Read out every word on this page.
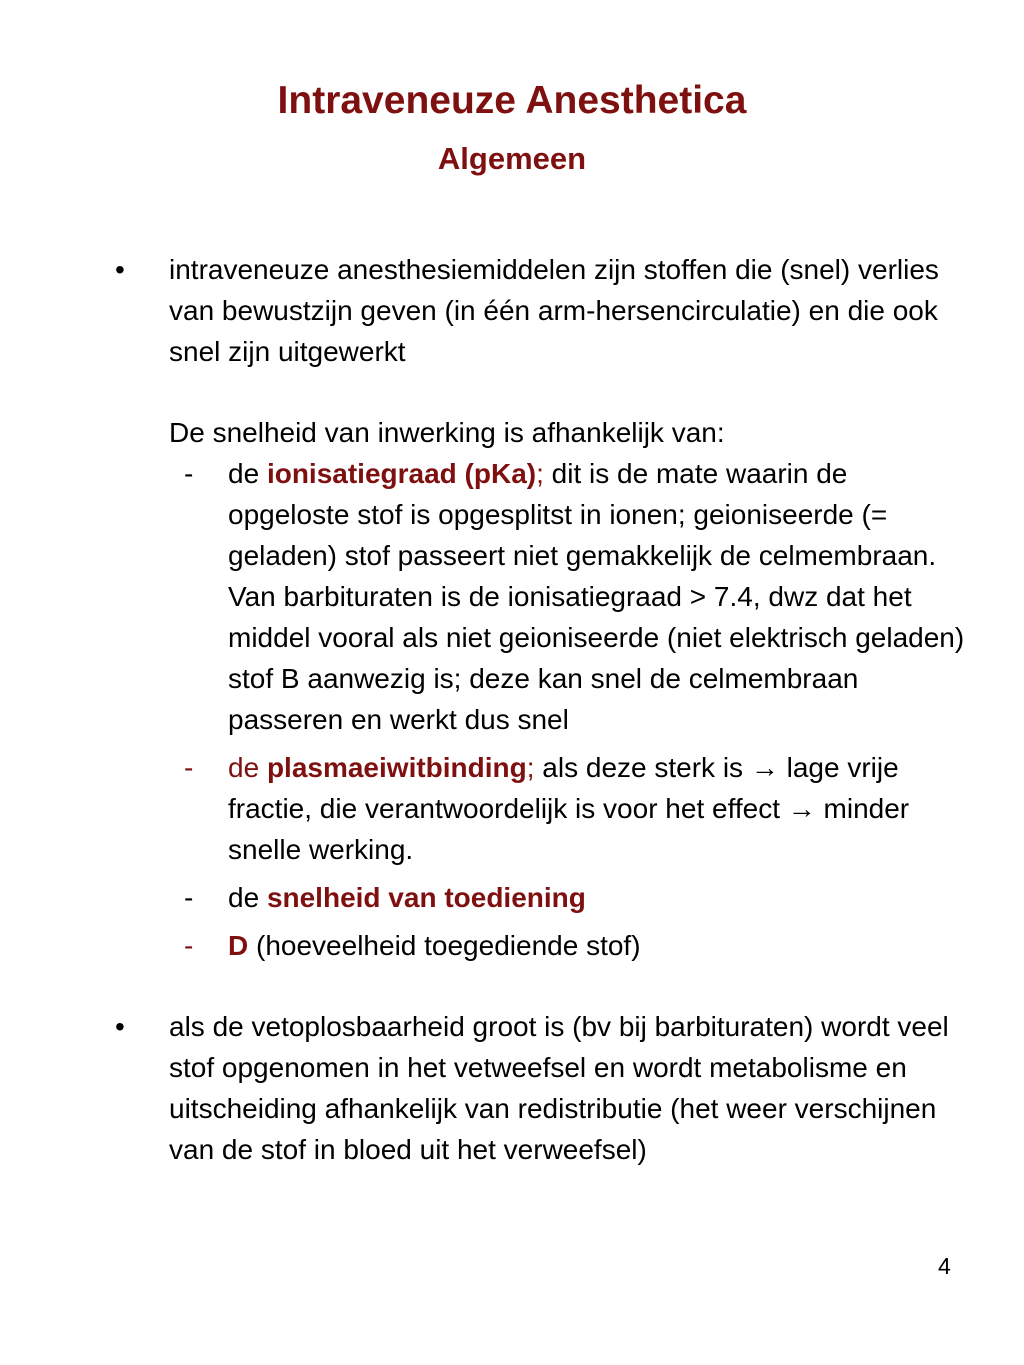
Intraveneuze Anesthetica
Algemeen
• intraveneuze anesthesiemiddelen zijn stoffen die (snel) verlies van bewustzijn geven (in één arm-hersencirculatie) en die ook snel zijn uitgewerkt

De snelheid van inwerking is afhankelijk van:

- de ionisatiegraad (pKa); dit is de mate waarin de opgeloste stof is opgesplitst in ionen; geioniseerde (= geladen) stof passeert niet gemakkelijk de celmembraan. Van barbituraten is de ionisatiegraad > 7.4, dwz dat het middel vooral als niet geioniseerde (niet elektrisch geladen) stof B aanwezig is; deze kan snel de celmembraan passeren en werkt dus snel
- de plasmaeiwitbinding; als deze sterk is → lage vrije fractie, die verantwoordelijk is voor het effect → minder snelle werking.
- de snelheid van toediening
- D (hoeveelheid toegediende stof)
• als de vetoplosbaarheid groot is (bv bij barbituraten) wordt veel stof opgenomen in het vetweefsel en wordt metabolisme en uitscheiding afhankelijk van redistributie (het weer verschijnen van de stof in bloed uit het verweefsel)

4
